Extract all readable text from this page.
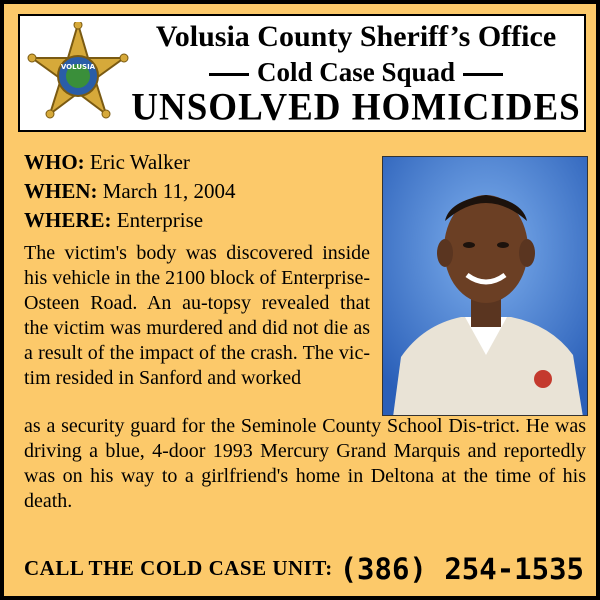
VOLUSIA
Volusia County Sheriff’s Office
Cold Case Squad
UNSOLVED HOMICIDES
WHO: Eric Walker
WHEN: March 11, 2004
WHERE: Enterprise
The victim's body was discovered inside his vehicle in the 2100 block of Enterprise-Osteen Road. An au-topsy revealed that the victim was murdered and did not die as a result of the impact of the crash. The vic-tim resided in Sanford and worked
as a security guard for the Seminole County School Dis-trict. He was driving a blue, 4-door 1993 Mercury Grand Marquis and reportedly was on his way to a girlfriend's home in Deltona at the time of his death.
CALL THE COLD CASE UNIT: (386) 254-1535
